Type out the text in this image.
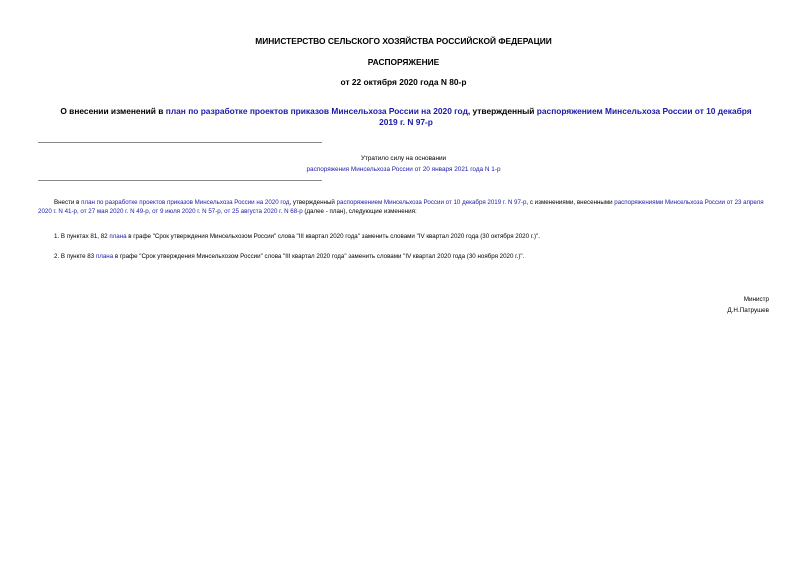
МИНИСТЕРСТВО СЕЛЬСКОГО ХОЗЯЙСТВА РОССИЙСКОЙ ФЕДЕРАЦИИ
РАСПОРЯЖЕНИЕ
от 22 октября 2020 года N 80-р
О внесении изменений в план по разработке проектов приказов Минсельхоза России на 2020 год, утвержденный распоряжением Минсельхоза России от 10 декабря 2019 г. N 97-р
Утратило силу на основании
распоряжения Минсельхоза России от 20 января 2021 года N 1-р
Внести в план по разработке проектов приказов Минсельхоза России на 2020 год, утвержденный распоряжением Минсельхоза России от 10 декабря 2019 г. N 97-р, с изменениями, внесенными распоряжениями Минсельхоза России от 23 апреля 2020 г. N 41-р, от 27 мая 2020 г. N 49-р, от 9 июля 2020 г. N 57-р, от 25 августа 2020 г. N 68-р (далее - план), следующие изменения:
1. В пунктах 81, 82 плана в графе "Срок утверждения Минсельхозом России" слова "III квартал 2020 года" заменить словами "IV квартал 2020 года (30 октября 2020 г.)".
2. В пункте 83 плана в графе "Срок утверждения Минсельхозом России" слова "III квартал 2020 года" заменить словами "IV квартал 2020 года (30 ноября 2020 г.)".
Министр
Д.Н.Патрушев
